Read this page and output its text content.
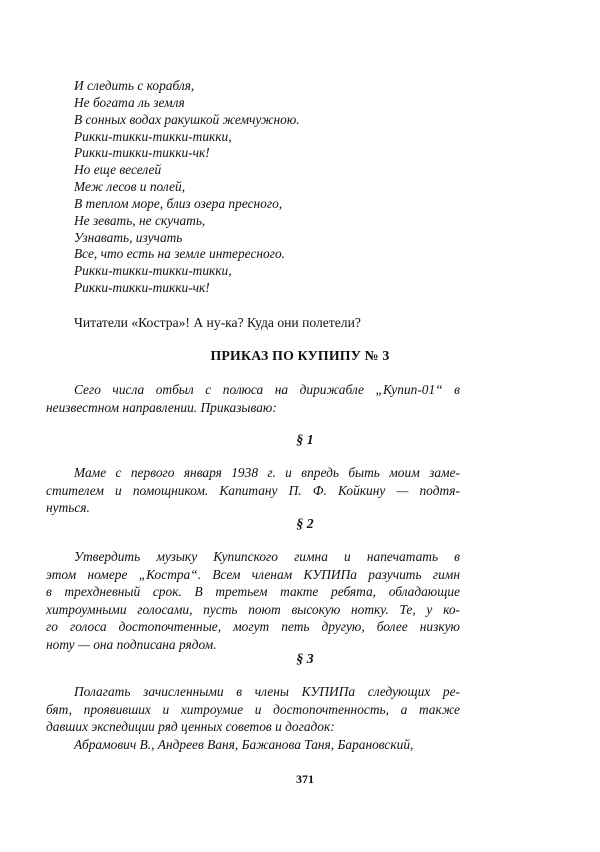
И следить с корабля,
Не богата ль земля
В сонных водах ракушкой жемчужною.
Рикки-тикки-тикки-тикки,
Рикки-тикки-тикки-чк!
Но еще веселей
Меж лесов и полей,
В теплом море, близ озера пресного,
Не зевать, не скучать,
Узнавать, изучать
Все, что есть на земле интересного.
Рикки-тикки-тикки-тикки,
Рикки-тикки-тикки-чк!
Читатели «Костра»! А ну-ка? Куда они полетели?
ПРИКАЗ ПО КУПИПУ № 3
Сего числа отбыл с полюса на дирижабле „Купип-01“ в
неизвестном направлении. Приказываю:
§ 1
Маме с первого января 1938 г. и впредь быть моим заме-
стителем и помощником. Капитану П. Ф. Койкину — подтя-
нуться.
§ 2
Утвердить музыку Купипского гимна и напечатать в
этом номере „Костра“. Всем членам КУПИПа разучить гимн
в трехдневный срок. В третьем такте ребята, обладающие
хитроумными голосами, пусть поют высокую нотку. Те, у ко-
го голоса достопочтенные, могут петь другую, более низкую
ноту — она подписана рядом.
§ 3
Полагать зачисленными в члены КУПИПа следующих ре-
бят, проявивших и хитроумие и достопочтенность, а также
давших экспедиции ряд ценных советов и догадок:
Абрамович В., Андреев Ваня, Бажанова Таня, Барановский,
371
